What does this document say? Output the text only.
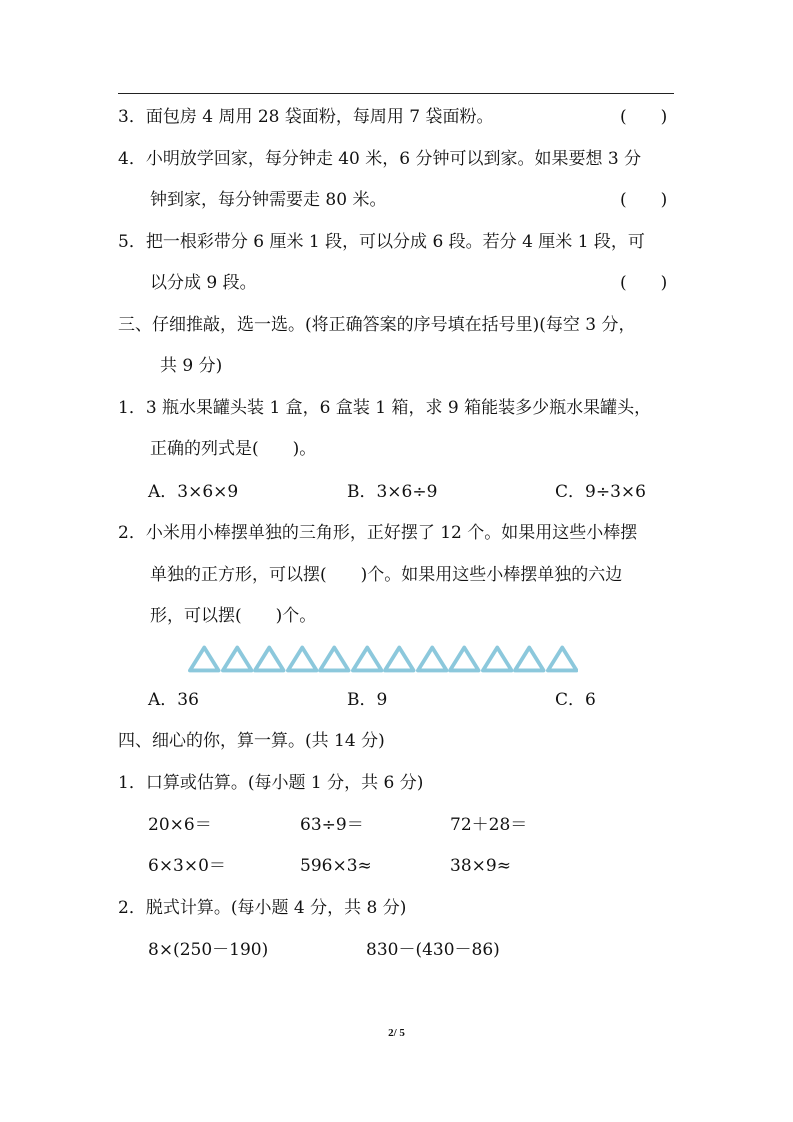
3．面包房 4 周用 28 袋面粉，每周用 7 袋面粉。	(　　)
4．小明放学回家，每分钟走 40 米，6 分钟可以到家。如果要想 3 分
钟到家，每分钟需要走 80 米。	(　　)
5．把一根彩带分 6 厘米 1 段，可以分成 6 段。若分 4 厘米 1 段，可
以分成 9 段。	(　　)
三、仔细推敲，选一选。(将正确答案的序号填在括号里)(每空 3 分，
共 9 分)
1．3 瓶水果罐头装 1 盒，6 盒装 1 箱，求 9 箱能装多少瓶水果罐头，
正确的列式是(　　)。
A．3×6×9	B．3×6÷9	C．9÷3×6
2．小米用小棒摆单独的三角形，正好摆了 12 个。如果用这些小棒摆
单独的正方形，可以摆(　　)个。如果用这些小棒摆单独的六边
形，可以摆(　　)个。
A．36	B．9	C．6
四、细心的你，算一算。(共 14 分)
1．口算或估算。(每小题 1 分，共 6 分)
20×6＝	63÷9＝	72＋28＝
6×3×0＝	596×3≈	38×9≈
2．脱式计算。(每小题 4 分，共 8 分)
8×(250－190)	830－(430－86)
2/ 5
